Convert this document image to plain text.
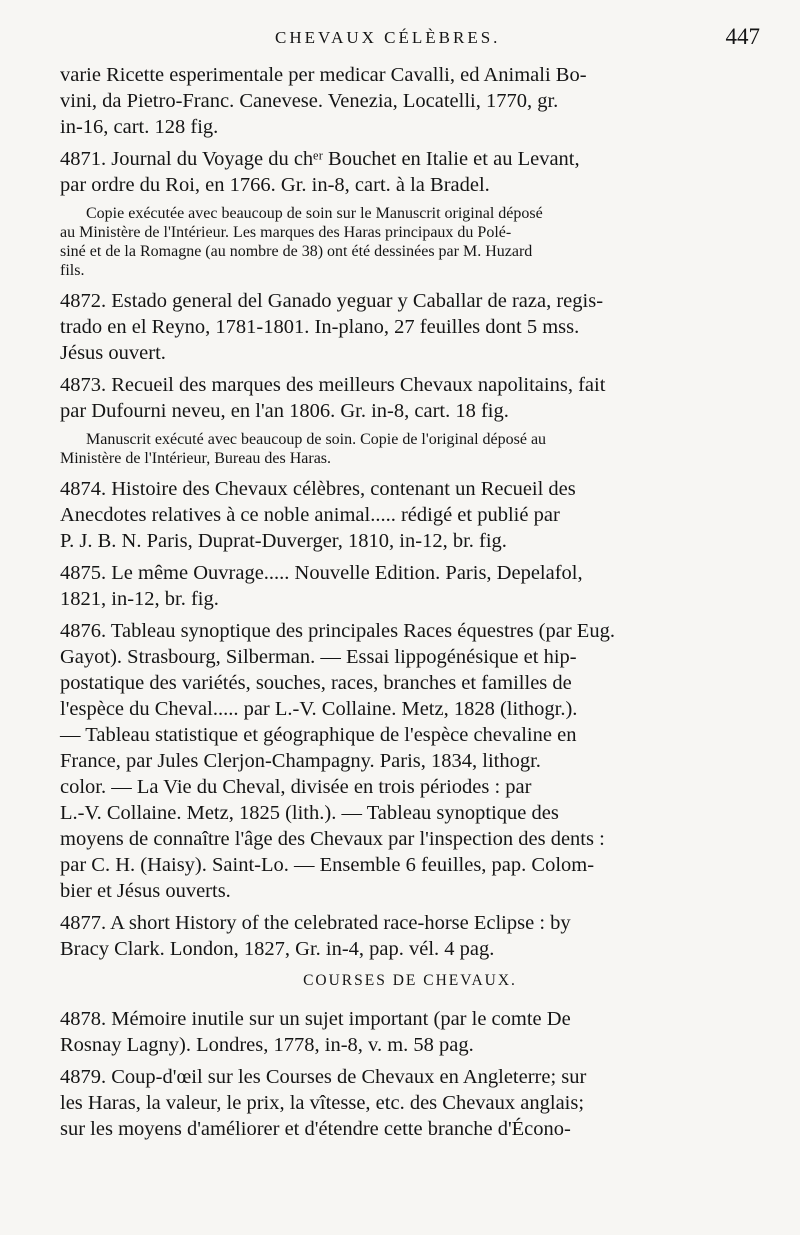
CHEVAUX CÉLÈBRES.	447
varie Ricette esperimentale per medicar Cavalli, ed Animali Bo-
vini, da Pietro-Franc. Canevese. Venezia, Locatelli, 1770, gr.
in-16, cart. 128 fig.
4871. Journal du Voyage du chᵉʳ Bouchet en Italie et au Levant,
par ordre du Roi, en 1766. Gr. in-8, cart. à la Bradel.
Copie exécutée avec beaucoup de soin sur le Manuscrit original déposé
au Ministère de l'Intérieur. Les marques des Haras principaux du Polé-
siné et de la Romagne (au nombre de 38) ont été dessinées par M. Huzard
fils.
4872. Estado general del Ganado yeguar y Caballar de raza, regis-
trado en el Reyno, 1781-1801. In-plano, 27 feuilles dont 5 mss.
Jésus ouvert.
4873. Recueil des marques des meilleurs Chevaux napolitains, fait
par Dufourni neveu, en l'an 1806. Gr. in-8, cart. 18 fig.
Manuscrit exécuté avec beaucoup de soin. Copie de l'original déposé au
Ministère de l'Intérieur, Bureau des Haras.
4874. Histoire des Chevaux célèbres, contenant un Recueil des
Anecdotes relatives à ce noble animal..... rédigé et publié par
P. J. B. N. Paris, Duprat-Duverger, 1810, in-12, br. fig.
4875. Le même Ouvrage..... Nouvelle Edition. Paris, Depelafol,
1821, in-12, br. fig.
4876. Tableau synoptique des principales Races équestres (par Eug.
Gayot). Strasbourg, Silberman. — Essai lippogénésique et hip-
postatique des variétés, souches, races, branches et familles de
l'espèce du Cheval..... par L.-V. Collaine. Metz, 1828 (lithogr.).
— Tableau statistique et géographique de l'espèce chevaline en
France, par Jules Clerjon-Champagny. Paris, 1834, lithogr.
color. — La Vie du Cheval, divisée en trois périodes : par
L.-V. Collaine. Metz, 1825 (lith.). — Tableau synoptique des
moyens de connaître l'âge des Chevaux par l'inspection des dents :
par C. H. (Haisy). Saint-Lo. — Ensemble 6 feuilles, pap. Colom-
bier et Jésus ouverts.
4877. A short History of the celebrated race-horse Eclipse : by
Bracy Clark. London, 1827, Gr. in-4, pap. vél. 4 pag.
COURSES DE CHEVAUX.
4878. Mémoire inutile sur un sujet important (par le comte De
Rosnay Lagny). Londres, 1778, in-8, v. m. 58 pag.
4879. Coup-d'œil sur les Courses de Chevaux en Angleterre; sur
les Haras, la valeur, le prix, la vîtesse, etc. des Chevaux anglais;
sur les moyens d'améliorer et d'étendre cette branche d'Écono-
